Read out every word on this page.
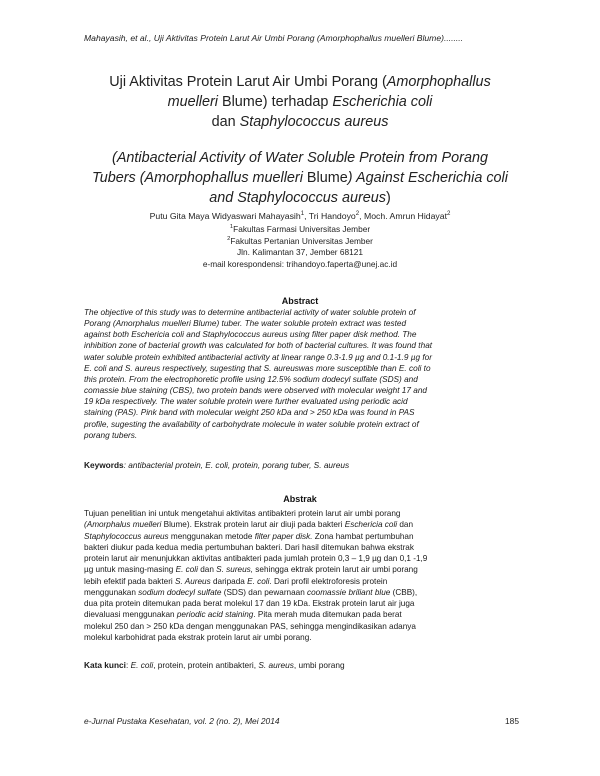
Mahayasih, et al., Uji Aktivitas Protein Larut Air Umbi Porang (Amorphophallus muelleri Blume)........
Uji Aktivitas Protein Larut Air Umbi Porang (Amorphophallus
muelleri Blume) terhadap Escherichia coli
dan Staphylococcus aureus
(Antibacterial Activity of Water Soluble Protein from Porang
Tubers (Amorphophallus muelleri Blume) Against Escherichia coli
and Staphylococcus aureus)
Putu Gita Maya Widyaswari Mahayasih$^1$, Tri Handoyo$^2$, Moch. Amrun Hidayat$^2$
$^1$Fakultas Farmasi Universitas Jember
$^2$Fakultas Pertanian Universitas Jember
Jln. Kalimantan 37, Jember 68121
e-mail korespondensi: trihandoyo.faperta@unej.ac.id
Abstract
The objective of this study was to determine antibacterial activity of water soluble protein of
Porang (Amorphalus muelleri Blume) tuber. The water soluble protein extract was tested
against both Eschericia coli and Staphylococcus aureus using filter paper disk method. The
inhibition zone of bacterial growth was calculated for both of bacterial cultures. It was found that
water soluble protein exhibited antibacterial activity at linear range 0.3-1.9 µg and 0.1-1.9 µg for
E. coli and S. aureus respectively, sugesting that S. aureuswas more susceptible than E. coli to
this protein. From the electrophoretic profile using 12.5% sodium dodecyl sulfate (SDS) and
comassie blue staining (CBS), two protein bands were observed with molecular weight 17 and
19 kDa respectively. The water soluble protein were further evaluated using periodic acid
staining (PAS). Pink band with molecular weight 250 kDa and > 250 kDa was found in PAS
profile, sugesting the availability of carbohydrate molecule in water soluble protein extract of
porang tubers.
Keywords: antibacterial protein, E. coli, protein, porang tuber, S. aureus
Abstrak
Tujuan penelitian ini untuk mengetahui aktivitas antibakteri protein larut air umbi porang
(Amorphalus muelleri Blume). Ekstrak protein larut air diuji pada bakteri Eschericia coli dan
Staphylococcus aureus menggunakan metode filter paper disk. Zona hambat pertumbuhan
bakteri diukur pada kedua media pertumbuhan bakteri. Dari hasil ditemukan bahwa ekstrak
protein larut air menunjukkan aktivitas antibakteri pada jumlah protein 0,3 – 1,9 µg dan 0,1 -1,9
µg untuk masing-masing E. coli dan S. sureus, sehingga ektrak protein larut air umbi porang
lebih efektif pada bakteri S. Aureus daripada E. coli. Dari profil elektroforesis protein
menggunakan sodium dodecyl sulfate (SDS) dan pewarnaan coomassie briliant blue (CBB),
dua pita protein ditemukan pada berat molekul 17 dan 19 kDa. Ekstrak protein larut air juga
dievaluasi menggunakan periodic acid staining. Pita merah muda ditemukan pada berat
molekul 250 dan > 250 kDa dengan menggunakan PAS, sehingga mengindikasikan adanya
molekul karbohidrat pada ekstrak protein larut air umbi porang.
Kata kunci: E. coli, protein, protein antibakteri, S. aureus, umbi porang
e-Jurnal Pustaka Kesehatan, vol. 2 (no. 2), Mei 2014	185
